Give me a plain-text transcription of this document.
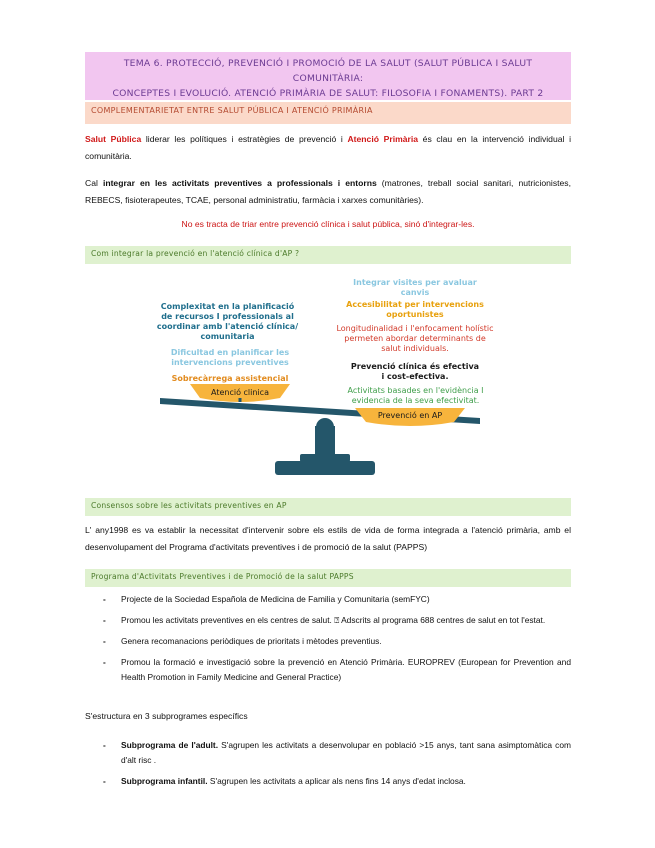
TEMA 6. PROTECCIÓ, PREVENCIÓ I PROMOCIÓ DE LA SALUT (SALUT PÚBLICA I SALUT COMUNITÀRIA:
CONCEPTES I EVOLUCIÓ. ATENCIÓ PRIMÀRIA DE SALUT: FILOSOFIA I FONAMENTS). PART 2
COMPLEMENTARIETAT ENTRE SALUT PÚBLICA I ATENCIÓ PRIMÀRIA
Salut Pública liderar les polítiques i estratègies de prevenció i Atenció Primària és clau en la intervenció individual i comunitària.
Cal integrar en les activitats preventives a professionals i entorns (matrones, treball social sanitari, nutricionistes, REBECS, fisioterapeutes, TCAE, personal administratiu, farmàcia i xarxes comunitàries).
No es tracta de triar entre prevenció clínica i salut pública, sinó d'integrar-les.
Com integrar la prevenció en l'atenció clínica d'AP ?
Complexitat en la planificació de recursos I professionals al coordinar amb l'atenció clínica/ comunitaria
Dificultad en planificar les intervencions preventives
Sobrecàrrega assistencial
Atenció clinica
Integrar visites per avaluar canvis
Accesibilitat per intervencions oportunistes
Longitudinalidad i l'enfocament holístic permeten abordar determinants de salut individuals.
Prevenció clínica és efectiva i cost-efectiva.
Activitats basades en l'evidència I evidencia de la seva efectivitat.
Prevenció en AP
Consensos sobre les activitats preventives en AP
L' any1998 es va establir la necessitat d'intervenir sobre els estils de vida de forma integrada a l'atenció primària, amb el desenvolupament del Programa d'activitats preventives i de promoció de la salut (PAPPS)
Programa d'Activitats Preventives i de Promoció de la salut PAPPS
- Projecte de la Sociedad Española de Medicina de Familia y Comunitaria (semFYC)
- Promou les activitats preventives en els centres de salut. ⍰ Adscrits al programa 688 centres de salut en tot l'estat.
- Genera recomanacions periòdiques de prioritats i mètodes preventius.
- Promou la formació e investigació sobre la prevenció en Atenció Primària. EUROPREV (European for Prevention and Health Promotion in Family Medicine and General Practice)
S'estructura en 3 subprogrames específics
- Subprograma de l'adult. S'agrupen les activitats a desenvolupar en població >15 anys, tant sana asimptomàtica com d'alt risc .
- Subprograma infantil. S'agrupen les activitats a aplicar als nens fins 14 anys d'edat inclosa.
